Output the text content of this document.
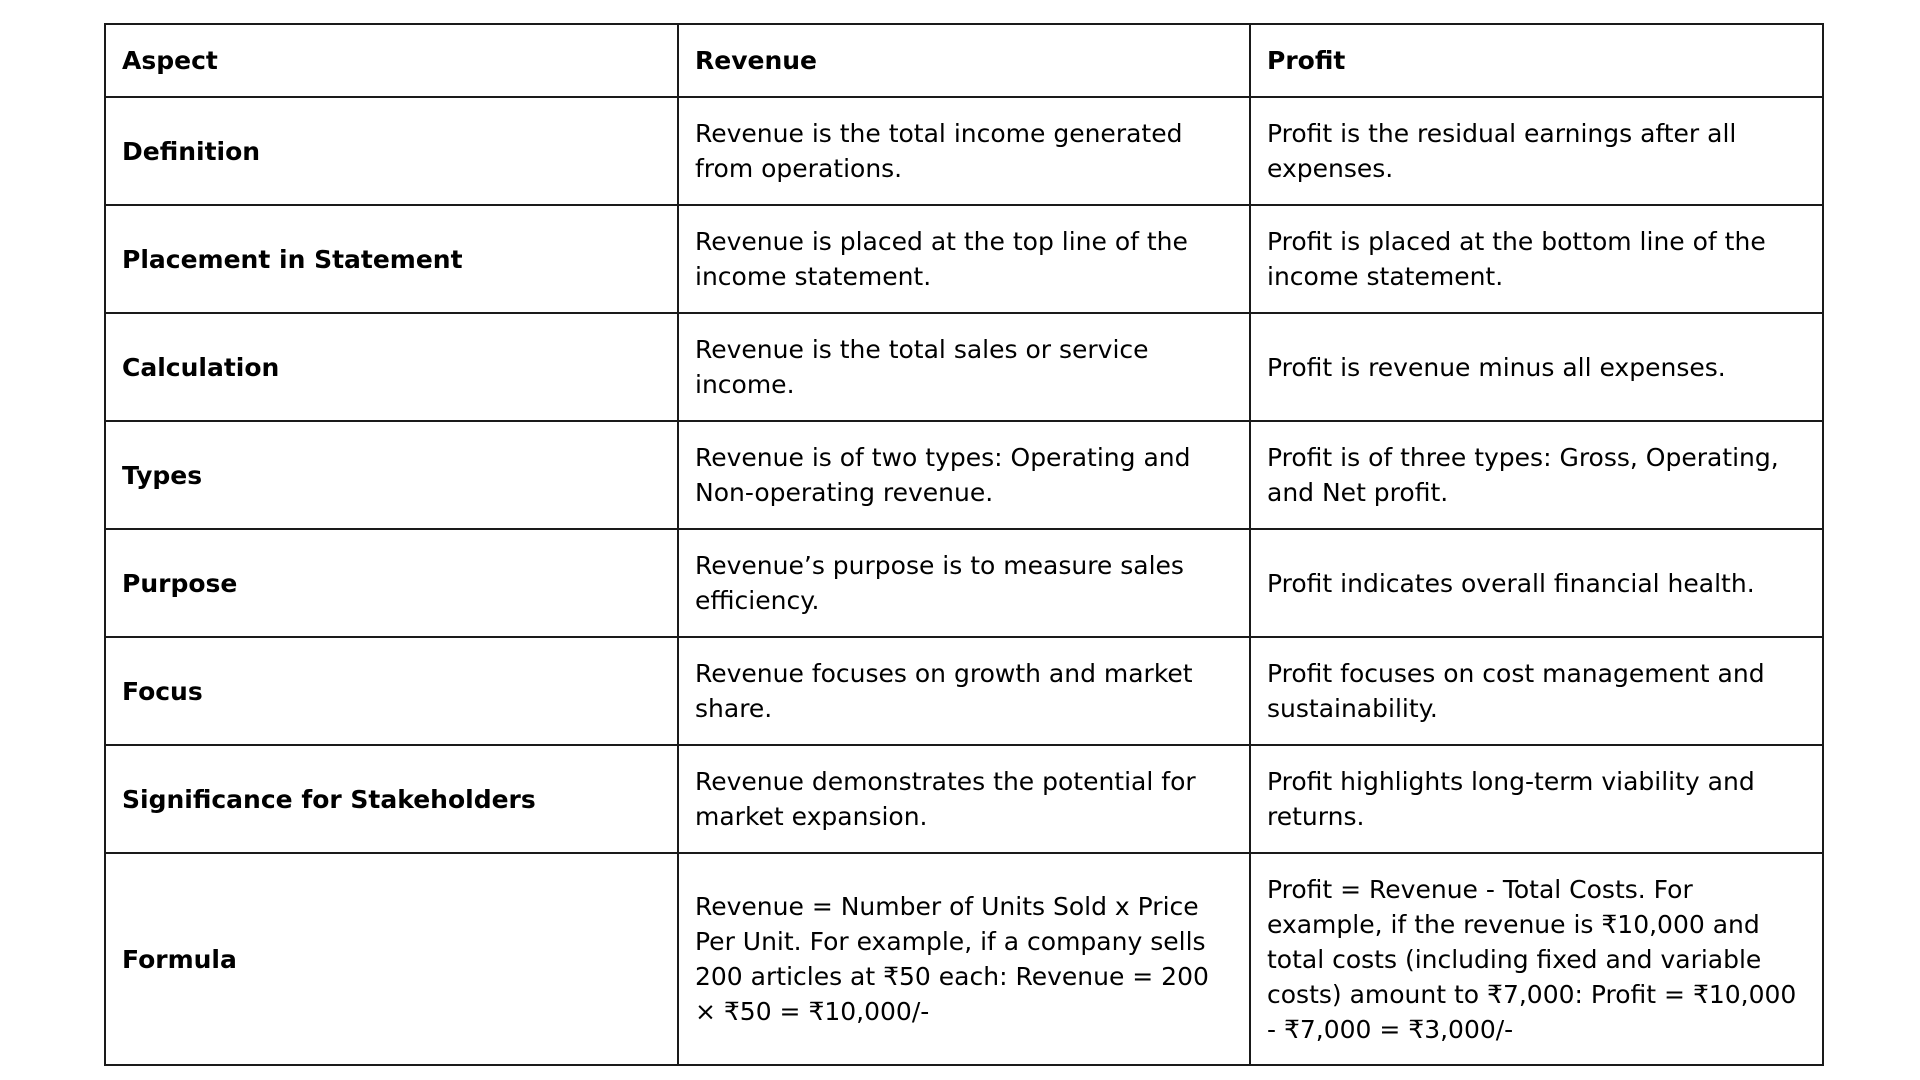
Aspect	Revenue	Profit
Definition	Revenue is the total income generated from operations.	Profit is the residual earnings after all expenses.
Placement in Statement	Revenue is placed at the top line of the income statement.	Profit is placed at the bottom line of the income statement.
Calculation	Revenue is the total sales or service income.	Profit is revenue minus all expenses.
Types	Revenue is of two types: Operating and Non-operating revenue.	Profit is of three types: Gross, Operating, and Net profit.
Purpose	Revenue’s purpose is to measure sales efficiency.	Profit indicates overall financial health.
Focus	Revenue focuses on growth and market share.	Profit focuses on cost management and sustainability.
Significance for Stakeholders	Revenue demonstrates the potential for market expansion.	Profit highlights long-term viability and returns.
Formula	Revenue = Number of Units Sold x Price Per Unit. For example, if a company sells 200 articles at ₹50 each: Revenue = 200 × ₹50 = ₹10,000/-	Profit = Revenue - Total Costs. For example, if the revenue is ₹10,000 and total costs (including fixed and variable costs) amount to ₹7,000: Profit = ₹10,000 - ₹7,000 = ₹3,000/-
